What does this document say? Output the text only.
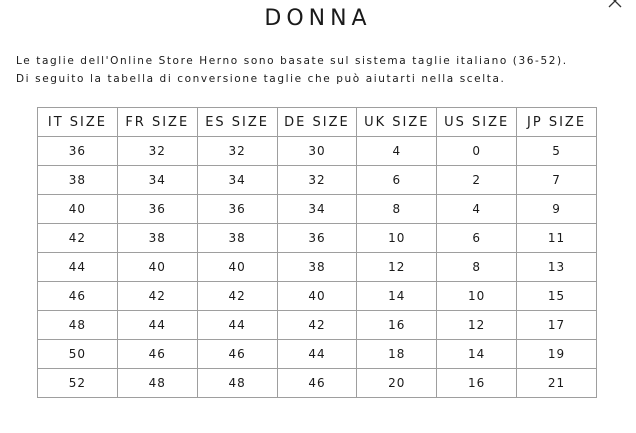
DONNA

Le taglie dell'Online Store Herno sono basate sul sistema taglie italiano (36-52).

Di seguito la tabella di conversione taglie che può aiutarti nella scelta.

IT SIZE	FR SIZE	ES SIZE	DE SIZE	UK SIZE	US SIZE	JP SIZE
36	32	32	30	4	0	5
38	34	34	32	6	2	7
40	36	36	34	8	4	9
42	38	38	36	10	6	11
44	40	40	38	12	8	13
46	42	42	40	14	10	15
48	44	44	42	16	12	17
50	46	46	44	18	14	19
52	48	48	46	20	16	21
